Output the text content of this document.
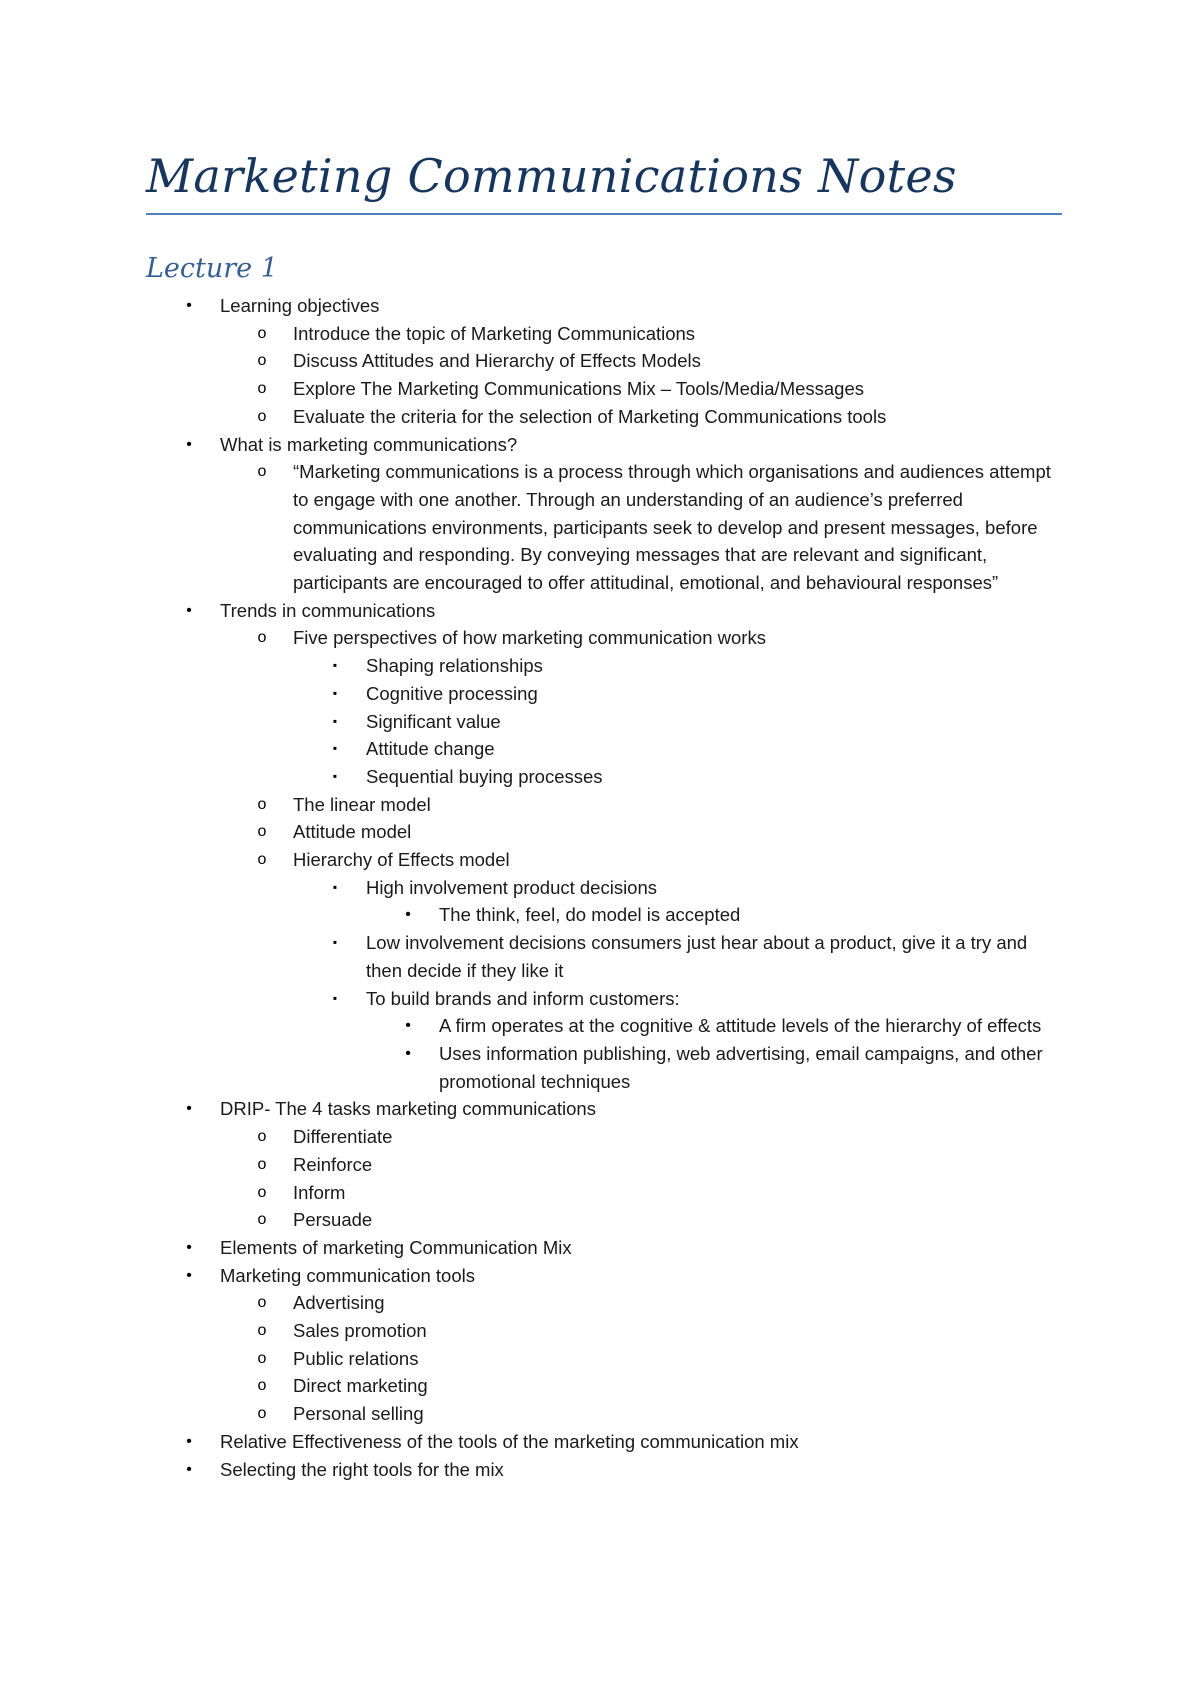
Marketing Communications Notes
Lecture 1
•	Learning objectives
o Introduce the topic of Marketing Communications
o Discuss Attitudes and Hierarchy of Effects Models
o Explore The Marketing Communications Mix – Tools/Media/Messages
o Evaluate the criteria for the selection of Marketing Communications tools
•	What is marketing communications?
o “Marketing communications is a process through which organisations and audiences attempt to engage with one another. Through an understanding of an audience’s preferred communications environments, participants seek to develop and present messages, before evaluating and responding. By conveying messages that are relevant and significant, participants are encouraged to offer attitudinal, emotional, and behavioural responses”
•	Trends in communications
o Five perspectives of how marketing communication works
▪	Shaping relationships
▪	Cognitive processing
▪	Significant value
▪	Attitude change
▪	Sequential buying processes
o The linear model
o Attitude model
o Hierarchy of Effects model
▪	High involvement product decisions
•	The think, feel, do model is accepted
▪	Low involvement decisions consumers just hear about a product, give it a try and then decide if they like it
▪	To build brands and inform customers:
•	A firm operates at the cognitive & attitude levels of the hierarchy of effects
•	Uses information publishing, web advertising, email campaigns, and other promotional techniques
•	DRIP- The 4 tasks marketing communications
o Differentiate
o Reinforce
o Inform
o Persuade
•	Elements of marketing Communication Mix
•	Marketing communication tools
o Advertising
o Sales promotion
o Public relations
o Direct marketing
o Personal selling
•	Relative Effectiveness of the tools of the marketing communication mix
•	Selecting the right tools for the mix
